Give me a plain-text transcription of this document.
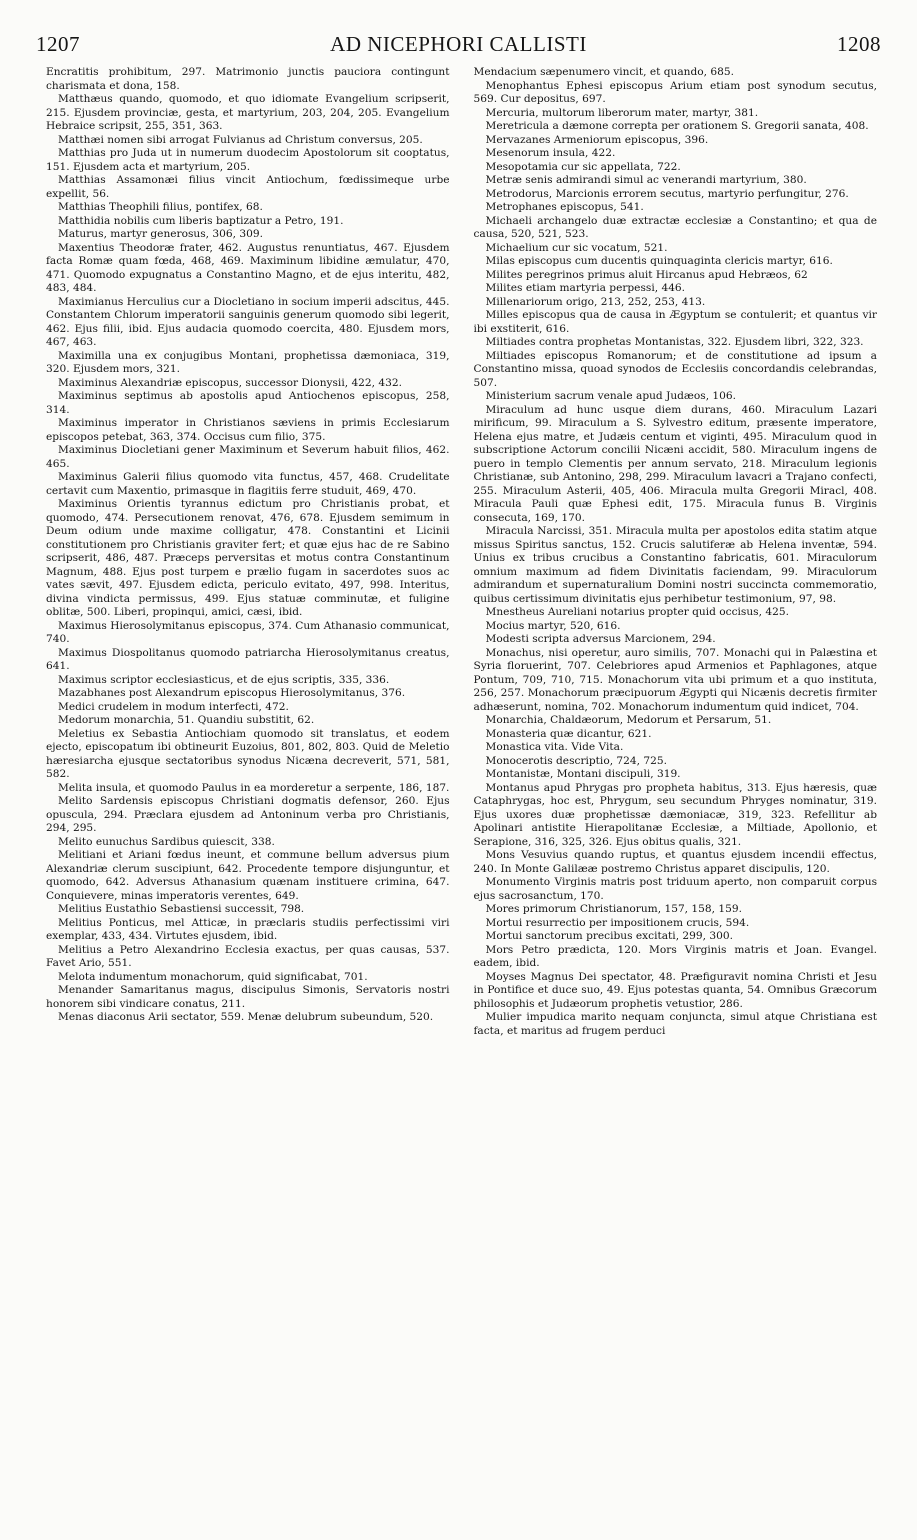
1207	AD NICEPHORI CALLISTI	1208

Encratitis prohibitum, 297. Matrimonio junctis pauciora contingunt charismata et dona, 158.

Matthæus quando, quomodo, et quo idiomate Evangelium scripserit, 215. Ejusdem provinciæ, gesta, et martyrium, 203, 204, 205. Evangelium Hebraice scripsit, 255, 351, 363.

Matthæi nomen sibi arrogat Fulvianus ad Christum conversus, 205.

Matthias pro Juda ut in numerum duodecim Apostolorum sit cooptatus, 151. Ejusdem acta et martyrium, 205.

Matthias Assamonæi filius vincit Antiochum, fœdissimeque urbe expellit, 56.

Matthias Theophili filius, pontifex, 68.

Matthidia nobilis cum liberis baptizatur a Petro, 191.

Maturus, martyr generosus, 306, 309.

Maxentius Theodoræ frater, 462. Augustus renuntiatus, 467. Ejusdem facta Romæ quam fœda, 468, 469. Maximinum libidine æmulatur, 470, 471. Quomodo expugnatus a Constantino Magno, et de ejus interitu, 482, 483, 484.

Maximianus Herculius cur a Diocletiano in socium imperii adscitus, 445. Constantem Chlorum imperatorii sanguinis generum quomodo sibi legerit, 462. Ejus filii, ibid. Ejus audacia quomodo coercita, 480. Ejusdem mors, 467, 463.

Maximilla una ex conjugibus Montani, prophetissa dæmoniaca, 319, 320. Ejusdem mors, 321.

Maximinus Alexandriæ episcopus, successor Dionysii, 422, 432.

Maximinus septimus ab apostolis apud Antiochenos episcopus, 258, 314.

Maximinus imperator in Christianos sæviens in primis Ecclesiarum episcopos petebat, 363, 374. Occisus cum filio, 375.

Maximinus Diocletiani gener Maximinum et Severum habuit filios, 462. 465.

Maximinus Galerii filius quomodo vita functus, 457, 468. Crudelitate certavit cum Maxentio, primasque in flagitiis ferre studuit, 469, 470.

Maximinus Orientis tyrannus edictum pro Christianis probat, et quomodo, 474. Persecutionem renovat, 476, 678. Ejusdem semimum in Deum odium unde maxime colligatur, 478. Constantini et Licinii constitutionem pro Christianis graviter fert; et quæ ejus hac de re Sabino scripserit, 486, 487. Præceps perversitas et motus contra Constantinum Magnum, 488. Ejus post turpem e prælio fugam in sacerdotes suos ac vates sævit, 497. Ejusdem edicta, periculo evitato, 497, 998. Interitus, divina vindicta permissus, 499. Ejus statuæ comminutæ, et fuligine oblitæ, 500. Liberi, propinqui, amici, cæsi, ibid.

Maximus Hierosolymitanus episcopus, 374. Cum Athanasio communicat, 740.

Maximus Diospolitanus quomodo patriarcha Hierosolymitanus creatus, 641.

Maximus scriptor ecclesiasticus, et de ejus scriptis, 335, 336.

Mazabhanes post Alexandrum episcopus Hierosolymitanus, 376.

Medici crudelem in modum interfecti, 472.

Medorum monarchia, 51. Quandiu substitit, 62.

Meletius ex Sebastia Antiochiam quomodo sit translatus, et eodem ejecto, episcopatum ibi obtineurit Euzoius, 801, 802, 803. Quid de Meletio hæresiarcha ejusque sectatoribus synodus Nicæna decreverit, 571, 581, 582.

Melita insula, et quomodo Paulus in ea morderetur a serpente, 186, 187.

Melito Sardensis episcopus Christiani dogmatis defensor, 260. Ejus opuscula, 294. Præclara ejusdem ad Antoninum verba pro Christianis, 294, 295.

Melito eunuchus Sardibus quiescit, 338.

Melitiani et Ariani fœdus ineunt, et commune bellum adversus pium Alexandriæ clerum suscipiunt, 642. Procedente tempore disjunguntur, et quomodo, 642. Adversus Athanasium quænam instituere crimina, 647. Conquievere, minas imperatoris verentes, 649.

Melitius Eustathio Sebastiensi successit, 798.

Melitius Ponticus, mel Atticæ, in præclaris studiis perfectissimi viri exemplar, 433, 434. Virtutes ejusdem, ibid.

Melitius a Petro Alexandrino Ecclesia exactus, per quas causas, 537. Favet Ario, 551.

Melota indumentum monachorum, quid significabat, 701.

Menander Samaritanus magus, discipulus Simonis, Servatoris nostri honorem sibi vindicare conatus, 211.

Menas diaconus Arii sectator, 559. Menæ delubrum subeundum, 520.

Mendacium sæpenumero vincit, et quando, 685.

Menophantus Ephesi episcopus Arium etiam post synodum secutus, 569. Cur depositus, 697.

Mercuria, multorum liberorum mater, martyr, 381.

Meretricula a dæmone correpta per orationem S. Gregorii sanata, 408.

Mervazanes Armeniorum episcopus, 396.

Mesenorum insula, 422.

Mesopotamia cur sic appellata, 722.

Metræ senis admirandi simul ac venerandi martyrium, 380.

Metrodorus, Marcionis errorem secutus, martyrio perfungitur, 276.

Metrophanes episcopus, 541.

Michaeli archangelo duæ extractæ ecclesiæ a Constantino; et qua de causa, 520, 521, 523.

Michaelium cur sic vocatum, 521.

Milas episcopus cum ducentis quinquaginta clericis martyr, 616.

Milites peregrinos primus aluit Hircanus apud Hebræos, 62

Milites etiam martyria perpessi, 446.

Millenariorum origo, 213, 252, 253, 413.

Milles episcopus qua de causa in Ægyptum se contulerit; et quantus vir ibi exstiterit, 616.

Miltiades contra prophetas Montanistas, 322. Ejusdem libri, 322, 323.

Miltiades episcopus Romanorum; et de constitutione ad ipsum a Constantino missa, quoad synodos de Ecclesiis concordandis celebrandas, 507.

Ministerium sacrum venale apud Judæos, 106.

Miraculum ad hunc usque diem durans, 460. Miraculum Lazari mirificum, 99. Miraculum a S. Sylvestro editum, præsente imperatore, Helena ejus matre, et Judæis centum et viginti, 495. Miraculum quod in subscriptione Actorum concilii Nicæni accidit, 580. Miraculum ingens de puero in templo Clementis per annum servato, 218. Miraculum legionis Christianæ, sub Antonino, 298, 299. Miraculum lavacri a Trajano confecti, 255. Miraculum Asterii, 405, 406. Miracula multa Gregorii Miracl, 408. Miracula Pauli quæ Ephesi edit, 175. Miracula funus B. Virginis consecuta, 169, 170.

Miracula Narcissi, 351. Miracula multa per apostolos edita statim atque missus Spiritus sanctus, 152. Crucis salutiferæ ab Helena inventæ, 594. Unius ex tribus crucibus a Constantino fabricatis, 601. Miraculorum omnium maximum ad fidem Divinitatis faciendam, 99. Miraculorum admirandum et supernaturalium Domini nostri succincta commemoratio, quibus certissimum divinitatis ejus perhibetur testimonium, 97, 98.

Mnestheus Aureliani notarius propter quid occisus, 425.

Mocius martyr, 520, 616.

Modesti scripta adversus Marcionem, 294.

Monachus, nisi operetur, auro similis, 707. Monachi qui in Palæstina et Syria floruerint, 707. Celebriores apud Armenios et Paphlagones, atque Pontum, 709, 710, 715. Monachorum vita ubi primum et a quo instituta, 256, 257. Monachorum præcipuorum Ægypti qui Nicænis decretis firmiter adhæserunt, nomina, 702. Monachorum indumentum quid indicet, 704.

Monarchia, Chaldæorum, Medorum et Persarum, 51.

Monasteria quæ dicantur, 621.

Monastica vita. Vide Vita.

Monocerotis descriptio, 724, 725.

Montanistæ, Montani discipuli, 319.

Montanus apud Phrygas pro propheta habitus, 313. Ejus hæresis, quæ Cataphrygas, hoc est, Phrygum, seu secundum Phryges nominatur, 319. Ejus uxores duæ prophetissæ dæmoniacæ, 319, 323. Refellitur ab Apolinari antistite Hierapolitanæ Ecclesiæ, a Miltiade, Apollonio, et Serapione, 316, 325, 326. Ejus obitus qualis, 321.

Mons Vesuvius quando ruptus, et quantus ejusdem incendii effectus, 240. In Monte Galilææ postremo Christus apparet discipulis, 120.

Monumento Virginis matris post triduum aperto, non comparuit corpus ejus sacrosanctum, 170.

Mores primorum Christianorum, 157, 158, 159.

Mortui resurrectio per impositionem crucis, 594.

Mortui sanctorum precibus excitati, 299, 300.

Mors Petro prædicta, 120. Mors Virginis matris et Joan. Evangel. eadem, ibid.

Moyses Magnus Dei spectator, 48. Præfiguravit nomina Christi et Jesu in Pontifice et duce suo, 49. Ejus potestas quanta, 54. Omnibus Græcorum philosophis et Judæorum prophetis vetustior, 286.

Mulier impudica marito nequam conjuncta, simul atque Christiana est facta, et maritus ad frugem perduci
